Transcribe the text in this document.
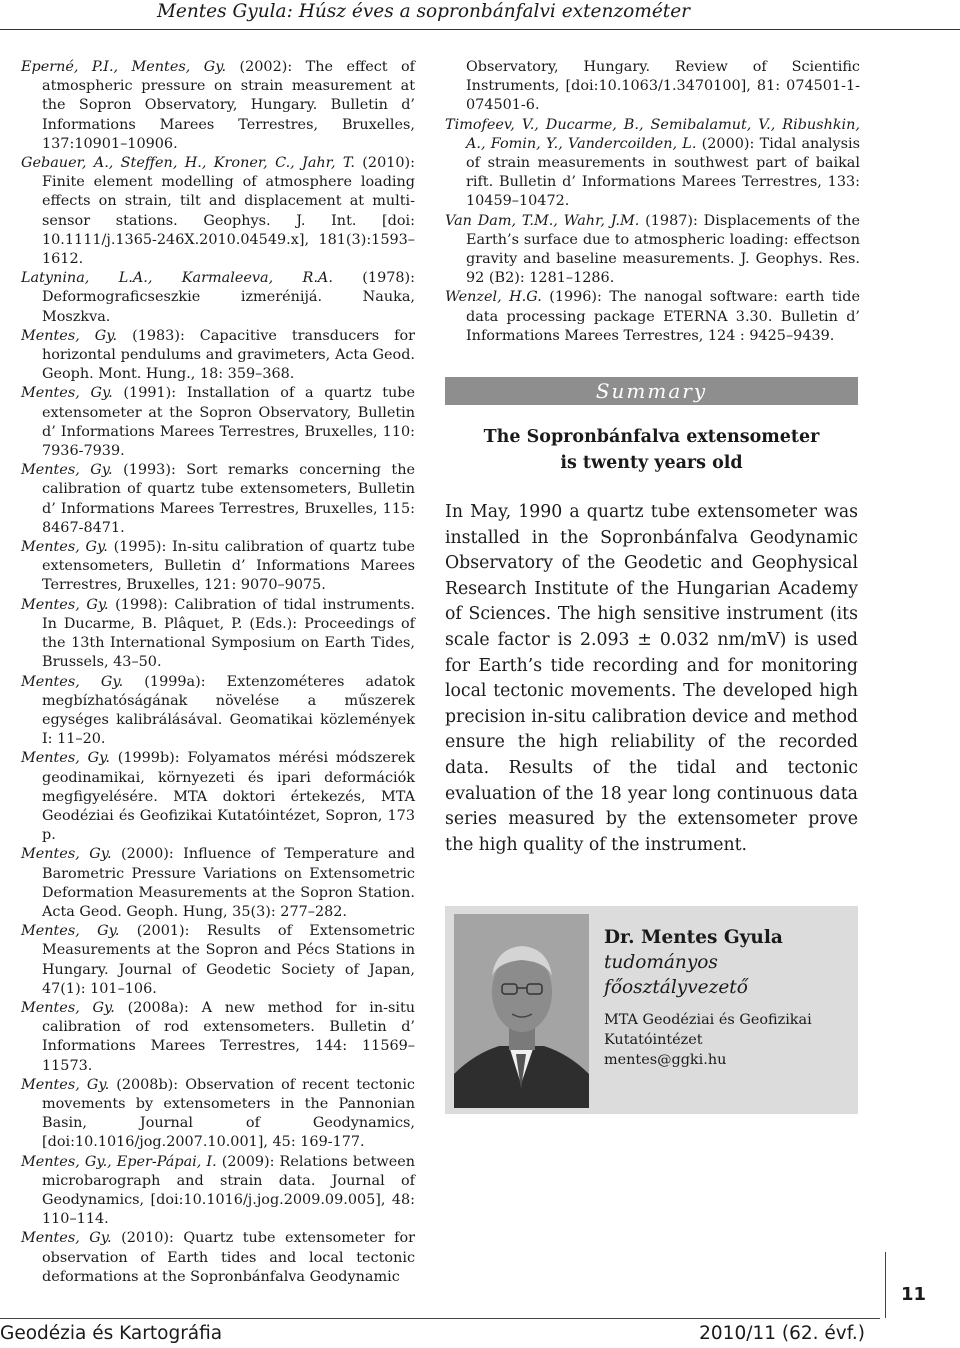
Mentes Gyula: Húsz éves a sopronbánfalvi extenzométer

Eperné, P.I., Mentes, Gy. (2002): The effect of atmospheric pressure on strain measurement at the Sopron Observatory, Hungary. Bulletin d’ Informations Marees Terrestres, Bruxelles, 137:10901–10906.

Gebauer, A., Steffen, H., Kroner, C., Jahr, T. (2010): Finite element modelling of atmosphere loading effects on strain, tilt and displacement at multi-sensor stations. Geophys. J. Int. [doi: 10.1111/j.1365-246X.2010.04549.x], 181(3):1593–1612.

Latynina, L.A., Karmaleeva, R.A. (1978): Deformograficseszkie izmerénijá. Nauka, Moszkva.

Mentes, Gy. (1983): Capacitive transducers for horizontal pendulums and gravimeters, Acta Geod. Geoph. Mont. Hung., 18: 359–368.

Mentes, Gy. (1991): Installation of a quartz tube extensometer at the Sopron Observatory, Bulletin d’ Informations Marees Terrestres, Bruxelles, 110: 7936-7939.

Mentes, Gy. (1993): Sort remarks concerning the calibration of quartz tube extensometers, Bulletin d’ Informations Marees Terrestres, Bruxelles, 115: 8467-8471.

Mentes, Gy. (1995): In-situ calibration of quartz tube extensometers, Bulletin d’ Informations Marees Terrestres, Bruxelles, 121: 9070–9075.

Mentes, Gy. (1998): Calibration of tidal instruments. In Ducarme, B. Plâquet, P. (Eds.): Proceedings of the 13th International Symposium on Earth Tides, Brussels, 43–50.

Mentes, Gy. (1999a): Extenzométeres adatok megbízhatóságának növelése a műszerek egységes kalibrálásával. Geomatikai közlemények I: 11–20.

Mentes, Gy. (1999b): Folyamatos mérési módszerek geodinamikai, környezeti és ipari deformációk megfigyelésére. MTA doktori értekezés, MTA Geodéziai és Geofizikai Kutatóintézet, Sopron, 173 p.

Mentes, Gy. (2000): Influence of Temperature and Barometric Pressure Variations on Extensometric Deformation Measurements at the Sopron Station. Acta Geod. Geoph. Hung, 35(3): 277–282.

Mentes, Gy. (2001): Results of Extensometric Measurements at the Sopron and Pécs Stations in Hungary. Journal of Geodetic Society of Japan, 47(1): 101–106.

Mentes, Gy. (2008a): A new method for in-situ calibration of rod extensometers. Bulletin d’ Informations Marees Terrestres, 144: 11569–11573.

Mentes, Gy. (2008b): Observation of recent tectonic movements by extensometers in the Pannonian Basin, Journal of Geodynamics, [doi:10.1016/jog.2007.10.001], 45: 169-177.

Mentes, Gy., Eper-Pápai, I. (2009): Relations between microbarograph and strain data. Journal of Geodynamics, [doi:10.1016/j.jog.2009.09.005], 48: 110–114.

Mentes, Gy. (2010): Quartz tube extensometer for observation of Earth tides and local tectonic deformations at the Sopronbánfalva Geodynamic

Observatory, Hungary. Review of Scientific Instruments, [doi:10.1063/1.3470100], 81: 074501-1-074501-6.

Timofeev, V., Ducarme, B., Semibalamut, V., Ribushkin, A., Fomin, Y., Vandercoilden, L. (2000): Tidal analysis of strain measurements in southwest part of baikal rift. Bulletin d’ Informations Marees Terrestres, 133: 10459–10472.

Van Dam, T.M., Wahr, J.M. (1987): Displacements of the Earth’s surface due to atmospheric loading: effectson gravity and baseline measurements. J. Geophys. Res. 92 (B2): 1281–1286.

Wenzel, H.G. (1996): The nanogal software: earth tide data processing package ETERNA 3.30. Bulletin d’ Informations Marees Terrestres, 124 : 9425–9439.

Summary
The Sopronbánfalva extensometer
is twenty years old

In May, 1990 a quartz tube extensometer was installed in the Sopronbánfalva Geodynamic Observatory of the Geodetic and Geophysical Research Institute of the Hungarian Academy of Sciences. The high sensitive instrument (its scale factor is 2.093 ± 0.032 nm/mV) is used for Earth’s tide recording and for monitoring local tectonic movements. The developed high precision in-situ calibration device and method ensure the high reliability of the recorded data. Results of the tidal and tectonic evaluation of the 18 year long continuous data series measured by the extensometer prove the high quality of the instrument.

Dr. Mentes Gyula

tudományos

főosztályvezető

MTA Geodéziai és Geofizikai Kutatóintézet
mentes@ggki.hu

11
Geodézia és Kartográfia	2010/11 (62. évf.)
